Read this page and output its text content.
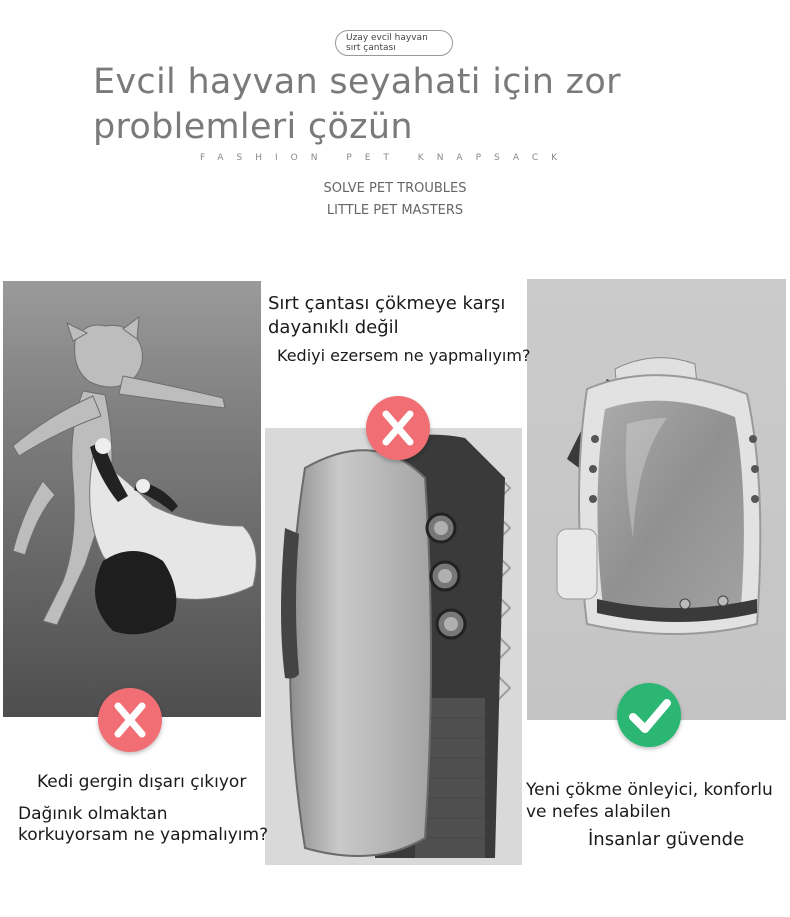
Uzay evcil hayvan
sırt çantası
Evcil hayvan seyahati için zor
problemleri çözün
FASHION PET KNAPSACK
SOLVE PET TROUBLES
LITTLE PET MASTERS
Sırt çantası çökmeye karşı
dayanıklı değil
Kediyi ezersem ne yapmalıyım?
Kedi gergin dışarı çıkıyor
Dağınık olmaktan
korkuyorsam ne yapmalıyım?
Yeni çökme önleyici, konforlu
ve nefes alabilen
İnsanlar güvende
